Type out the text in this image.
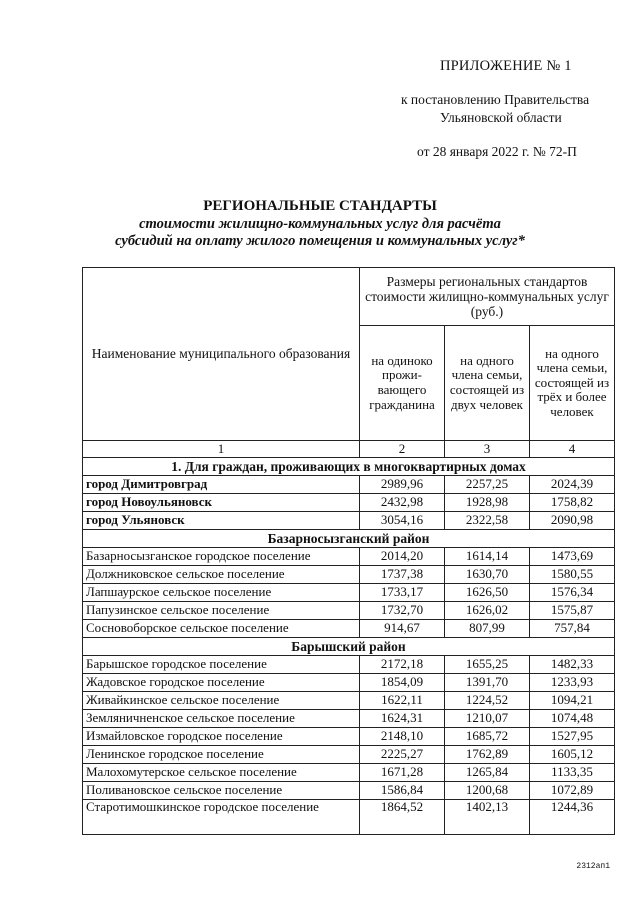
ПРИЛОЖЕНИЕ № 1
к постановлению Правительства
Ульяновской области
от 28 января 2022 г. № 72-П
РЕГИОНАЛЬНЫЕ СТАНДАРТЫ
стоимости жилищно-коммунальных услуг для расчёта
субсидий на оплату жилого помещения и коммунальных услуг*
Наименование муниципального образования	Размеры региональных стандартов стоимости жилищно-коммунальных услуг (руб.)		
	на одиноко прожи-вающего гражданина	на одного члена семьи, состоящей из двух человек	на одного члена семьи, состоящей из трёх и более человек
1	2	3	4
1. Для граждан, проживающих в многоквартирных домах			
город Димитровград	2989,96	2257,25	2024,39
город Новоульяновск	2432,98	1928,98	1758,82
город Ульяновск	3054,16	2322,58	2090,98
Базарносызганский район			
Базарносызганское городское поселение	2014,20	1614,14	1473,69
Должниковское сельское поселение	1737,38	1630,70	1580,55
Лапшаурское сельское поселение	1733,17	1626,50	1576,34
Папузинское сельское поселение	1732,70	1626,02	1575,87
Сосновоборское сельское поселение	914,67	807,99	757,84
Барышский район			
Барышское городское поселение	2172,18	1655,25	1482,33
Жадовское городское поселение	1854,09	1391,70	1233,93
Живайкинское сельское поселение	1622,11	1224,52	1094,21
Земляничненское сельское поселение	1624,31	1210,07	1074,48
Измайловское городское поселение	2148,10	1685,72	1527,95
Ленинское городское поселение	2225,27	1762,89	1605,12
Малохомутерское сельское поселение	1671,28	1265,84	1133,35
Поливановское сельское поселение	1586,84	1200,68	1072,89
Старотимошкинское городское поселение	1864,52	1402,13	1244,36
2312ап1
